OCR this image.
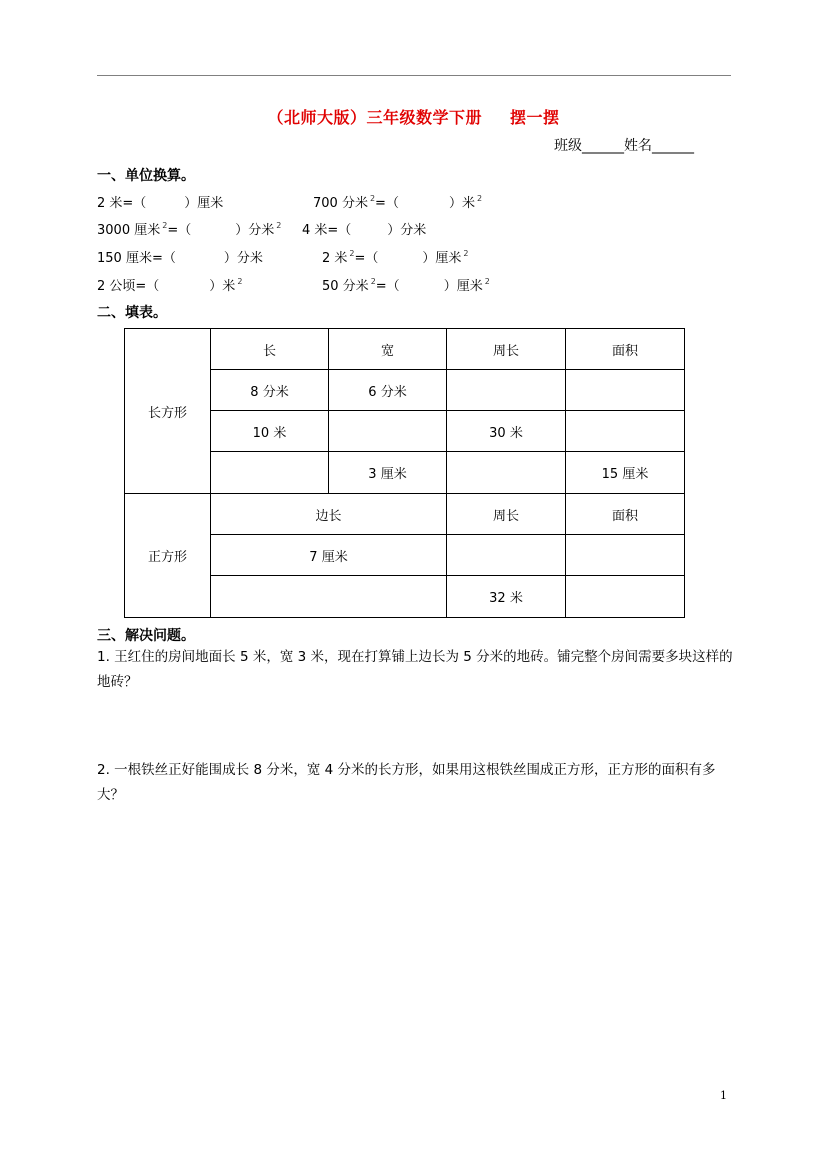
（北师大版）三年级数学下册 摆一摆
班级______姓名______
一、单位换算。
2 米=（	）厘米	700 分米 $^2$=（	）米 $^2$
3000 厘米 $^2$=（	）分米 $^2$ 4 米=（	）分米
150 厘米=（	）分米	2 米 $^2$=（	）厘米 $^2$
2 公顷=（	）米 $^2$	50 分米 $^2$=（	）厘米 $^2$
二、填表。
长方形	长	宽	周长	面积
	8 分米	6 分米		
	10 米		30 米	
		3 厘米		15 厘米
正方形	边长		周长	面积
	7 厘米			
			32 米	
三、解决问题。
1. 王红住的房间地面长 5 米，宽 3 米，现在打算铺上边长为 5 分米的地砖。铺完整个房间需要多块这样的地砖？
2. 一根铁丝正好能围成长 8 分米，宽 4 分米的长方形，如果用这根铁丝围成正方形，正方形的面积有多大？
1
